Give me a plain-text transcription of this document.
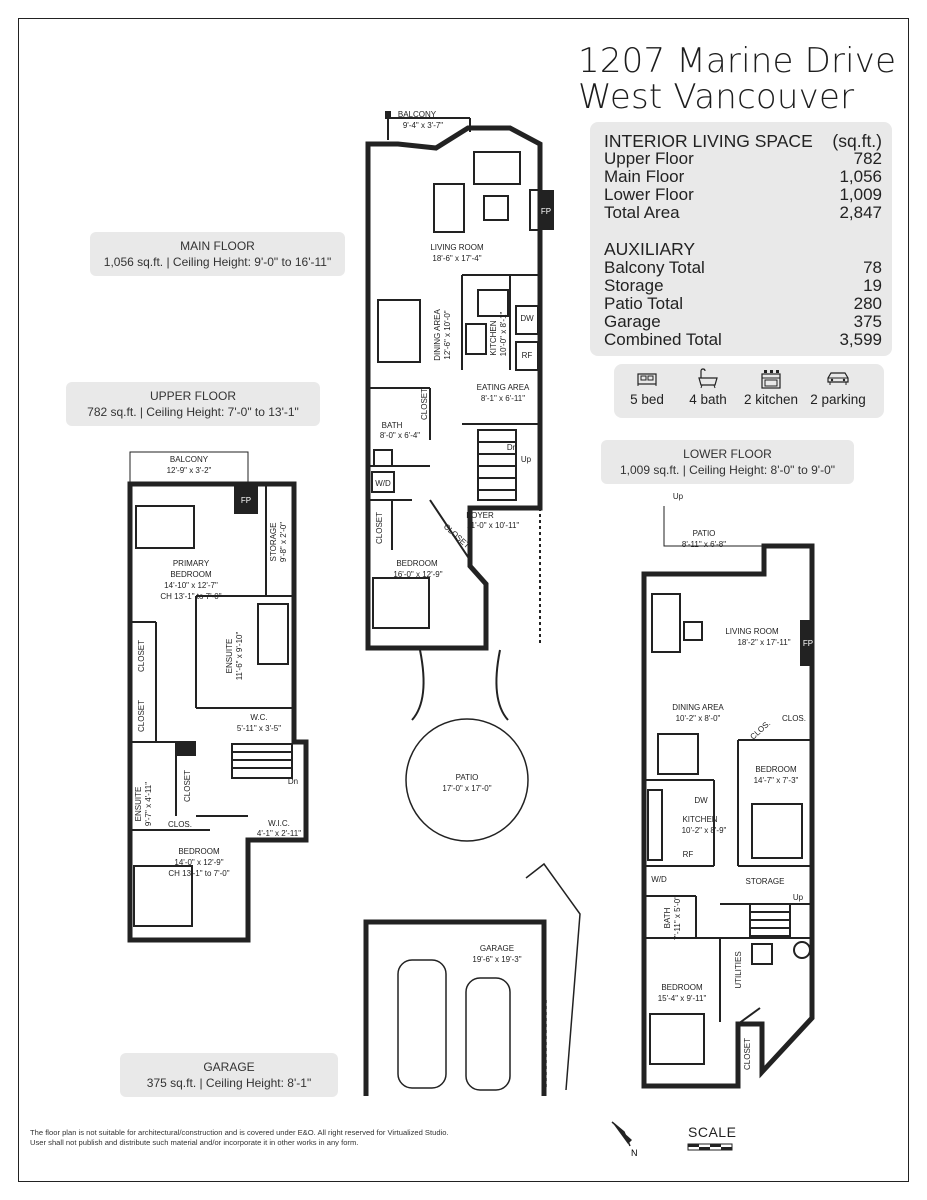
1207 Marine Drive
West Vancouver
INTERIOR LIVING SPACE (sq.ft.)
Upper Floor	782
Main Floor	1,056
Lower Floor	1,009
Total Area	2,847
AUXILIARY
Balcony Total	78
Storage	19
Patio Total	280
Garage	375
Combined Total	3,599
5 bed	4 bath	2 kitchen 2 parking
MAIN FLOOR
1,056 sq.ft. | Ceiling Height: 9'-0" to 16'-11"
UPPER FLOOR
782 sq.ft. | Ceiling Height: 7'-0" to 13'-1"
LOWER FLOOR
1,009 sq.ft. | Ceiling Height: 8'-0" to 9'-0"
GARAGE
375 sq.ft. | Ceiling Height: 8'-1"
BALCONY
9'-4" x 3'-7"
LIVING ROOM
18'-6" x 17'-4"
EATING AREA
8'-1" x 6'-11"
BATH
8'-0" x 6'-4"
FOYER
11'-0" x 10'-11"
BEDROOM
16'-0" x 12'-9"
FP
DW
RF
W/D
Dn
Up
DINING AREA 12'-6" x 10'-0"	KITCHEN 10'-0" x 8'-1"
CLOSET
CLOSET	CLOSET
PATIO
17'-0" x 17'-0"
GARAGE
19'-6" x 19'-3"
BALCONY
12'-9" x 3'-2"
FP
PRIMARY
BEDROOM
14'-10" x 12'-7"
CH 13'-1" to 7'-0"
STORAGE 9'-8" x 2'-0"
ENSUITE 11'-6" x 9'-10"
W.C.
5'-11" x 3'-5"
CLOSET
CLOSET
CLOSET
ENSUITE 9'-7" x 4'-11" CLOS.	W.I.C.
4'-1" x 2'-11"
BEDROOM
14'-0" x 12'-9"
CH 13'-1" to 7'-0"
Dn
Up
PATIO
8'-11" x 6'-8"
LIVING ROOM
18'-2" x 17'-11" FP
DINING AREA
10'-2" x 8'-0"	CLOS.
CLOS.
BEDROOM
14'-7" x 7'-3"
DW
KITCHEN
10'-2" x 8'-9"
RF
W/D	STORAGE
Up
BATH 7'-11" x 5'-0"
UTILITIES
BEDROOM
15'-4" x 9'-11"
CLOSET
N
SCALE
The floor plan is not suitable for architectural/construction and is covered under E&O. All right reserved for Virtualized Studio. User shall not publish and distribute such material and/or incorporate it in other works in any form.
